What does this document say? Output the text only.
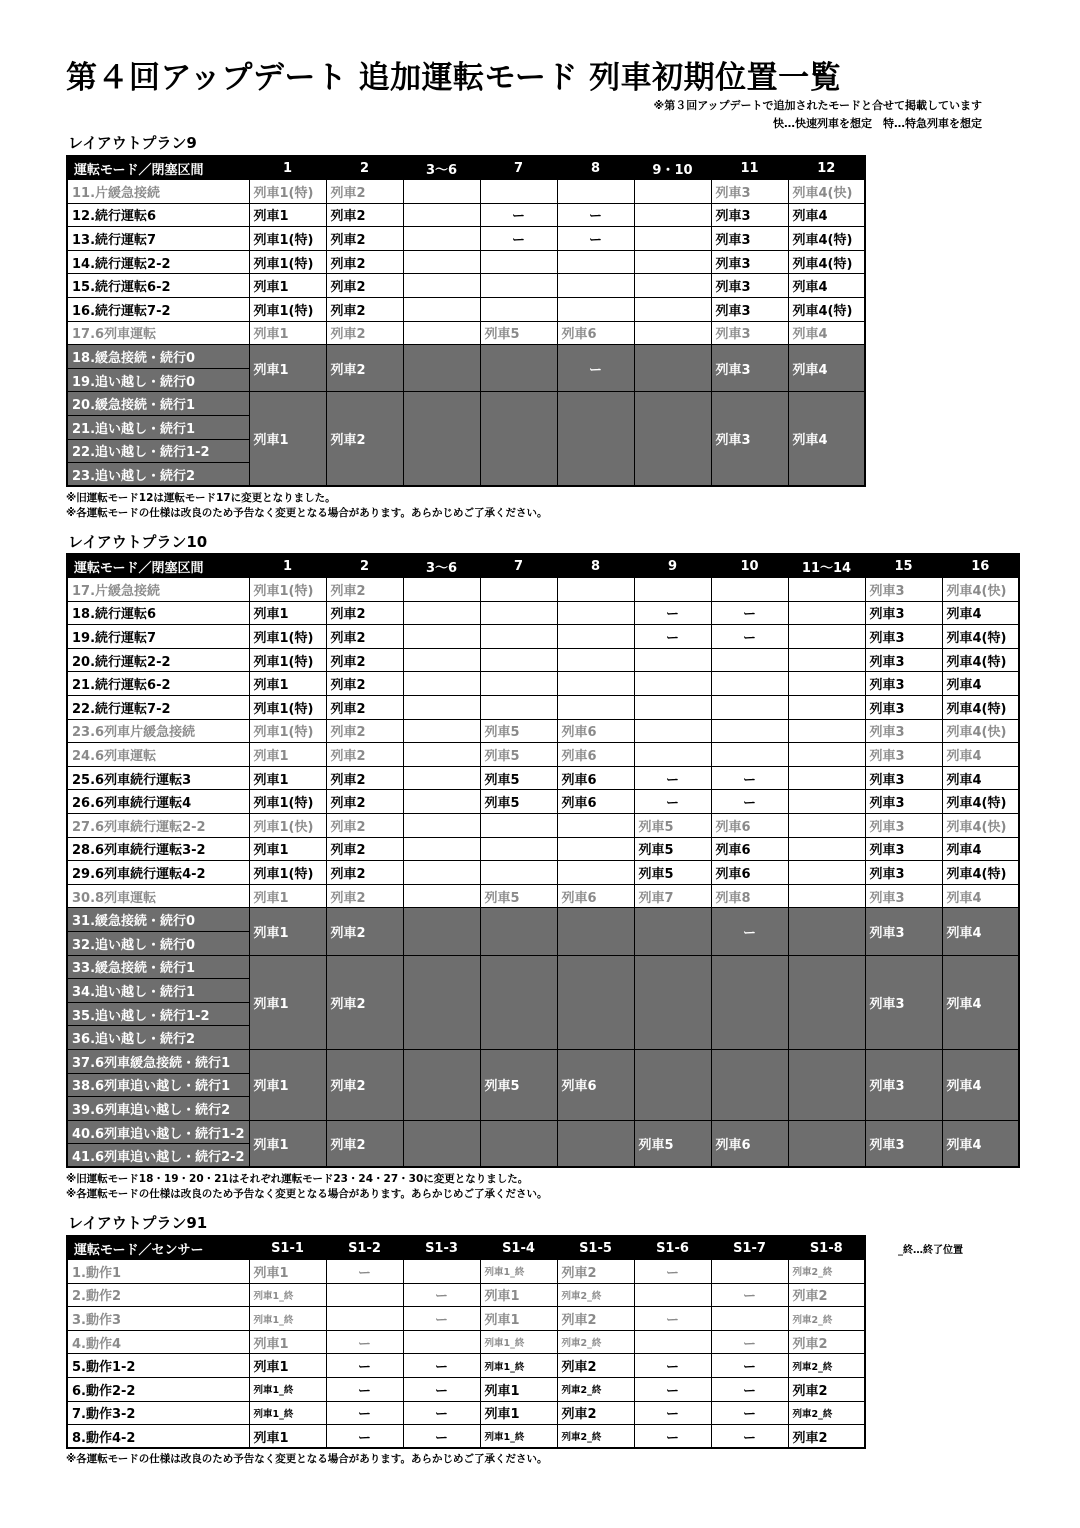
第４回アップデート 追加運転モード 列車初期位置一覧
※第３回アップデートで追加されたモードと合せて掲載しています
快…快速列車を想定　特…特急列車を想定
レイアウトプラン9
運転モード／閉塞区間	1	2	3〜6	7	8	9・10	11	12
11.片緩急接続	列車1(特)	列車2					列車3	列車4(快)
12.続行運転6	列車1	列車2		ー	ー		列車3	列車4
13.続行運転7	列車1(特)	列車2		ー	ー		列車3	列車4(特)
14.続行運転2-2	列車1(特)	列車2					列車3	列車4(特)
15.続行運転6-2	列車1	列車2					列車3	列車4
16.続行運転7-2	列車1(特)	列車2					列車3	列車4(特)
17.6列車運転	列車1	列車2		列車5	列車6		列車3	列車4
18.緩急接続・続行0	列車1	列車2			ー		列車3	列車4
19.追い越し・続行0								
20.緩急接続・続行1	列車1	列車2					列車3	列車4
21.追い越し・続行1								
22.追い越し・続行1-2								
23.追い越し・続行2								
※旧運転モード12は運転モード17に変更となりました。
※各運転モードの仕様は改良のため予告なく変更となる場合があります。あらかじめご了承ください。
レイアウトプラン10
運転モード／閉塞区間	1	2	3〜6	7	8	9	10	11〜14	15	16
17.片緩急接続	列車1(特)	列車2							列車3	列車4(快)
18.続行運転6	列車1	列車2				ー	ー		列車3	列車4
19.続行運転7	列車1(特)	列車2				ー	ー		列車3	列車4(特)
20.続行運転2-2	列車1(特)	列車2							列車3	列車4(特)
21.続行運転6-2	列車1	列車2							列車3	列車4
22.続行運転7-2	列車1(特)	列車2							列車3	列車4(特)
23.6列車片緩急接続	列車1(特)	列車2		列車5	列車6				列車3	列車4(快)
24.6列車運転	列車1	列車2		列車5	列車6				列車3	列車4
25.6列車続行運転3	列車1	列車2		列車5	列車6	ー	ー		列車3	列車4
26.6列車続行運転4	列車1(特)	列車2		列車5	列車6	ー	ー		列車3	列車4(特)
27.6列車続行運転2-2	列車1(快)	列車2				列車5	列車6		列車3	列車4(快)
28.6列車続行運転3-2	列車1	列車2				列車5	列車6		列車3	列車4
29.6列車続行運転4-2	列車1(特)	列車2				列車5	列車6		列車3	列車4(特)
30.8列車運転	列車1	列車2		列車5	列車6	列車7	列車8		列車3	列車4
31.緩急接続・続行0	列車1	列車2					ー		列車3	列車4
32.追い越し・続行0										
33.緩急接続・続行1	列車1	列車2							列車3	列車4
34.追い越し・続行1										
35.追い越し・続行1-2										
36.追い越し・続行2										
37.6列車緩急接続・続行1	列車1	列車2		列車5	列車6				列車3	列車4
38.6列車追い越し・続行1										
39.6列車追い越し・続行2										
40.6列車追い越し・続行1-2	列車1	列車2				列車5	列車6		列車3	列車4
41.6列車追い越し・続行2-2										
※旧運転モード18・19・20・21はそれぞれ運転モード23・24・27・30に変更となりました。
※各運転モードの仕様は改良のため予告なく変更となる場合があります。あらかじめご了承ください。
レイアウトプラン91
運転モード／センサー	S1-1	S1-2	S1-3	S1-4	S1-5	S1-6	S1-7	S1-8
1.動作1	列車1	ー		列車1_終	列車2	ー		列車2_終
2.動作2	列車1_終		ー	列車1	列車2_終		ー	列車2
3.動作3	列車1_終		ー	列車1	列車2	ー		列車2_終
4.動作4	列車1	ー		列車1_終	列車2_終		ー	列車2
5.動作1-2	列車1	ー	ー	列車1_終	列車2	ー	ー	列車2_終
6.動作2-2	列車1_終	ー	ー	列車1	列車2_終	ー	ー	列車2
7.動作3-2	列車1_終	ー	ー	列車1	列車2	ー	ー	列車2_終
8.動作4-2	列車1	ー	ー	列車1_終	列車2_終	ー	ー	列車2
_終…終了位置
※各運転モードの仕様は改良のため予告なく変更となる場合があります。あらかじめご了承ください。
